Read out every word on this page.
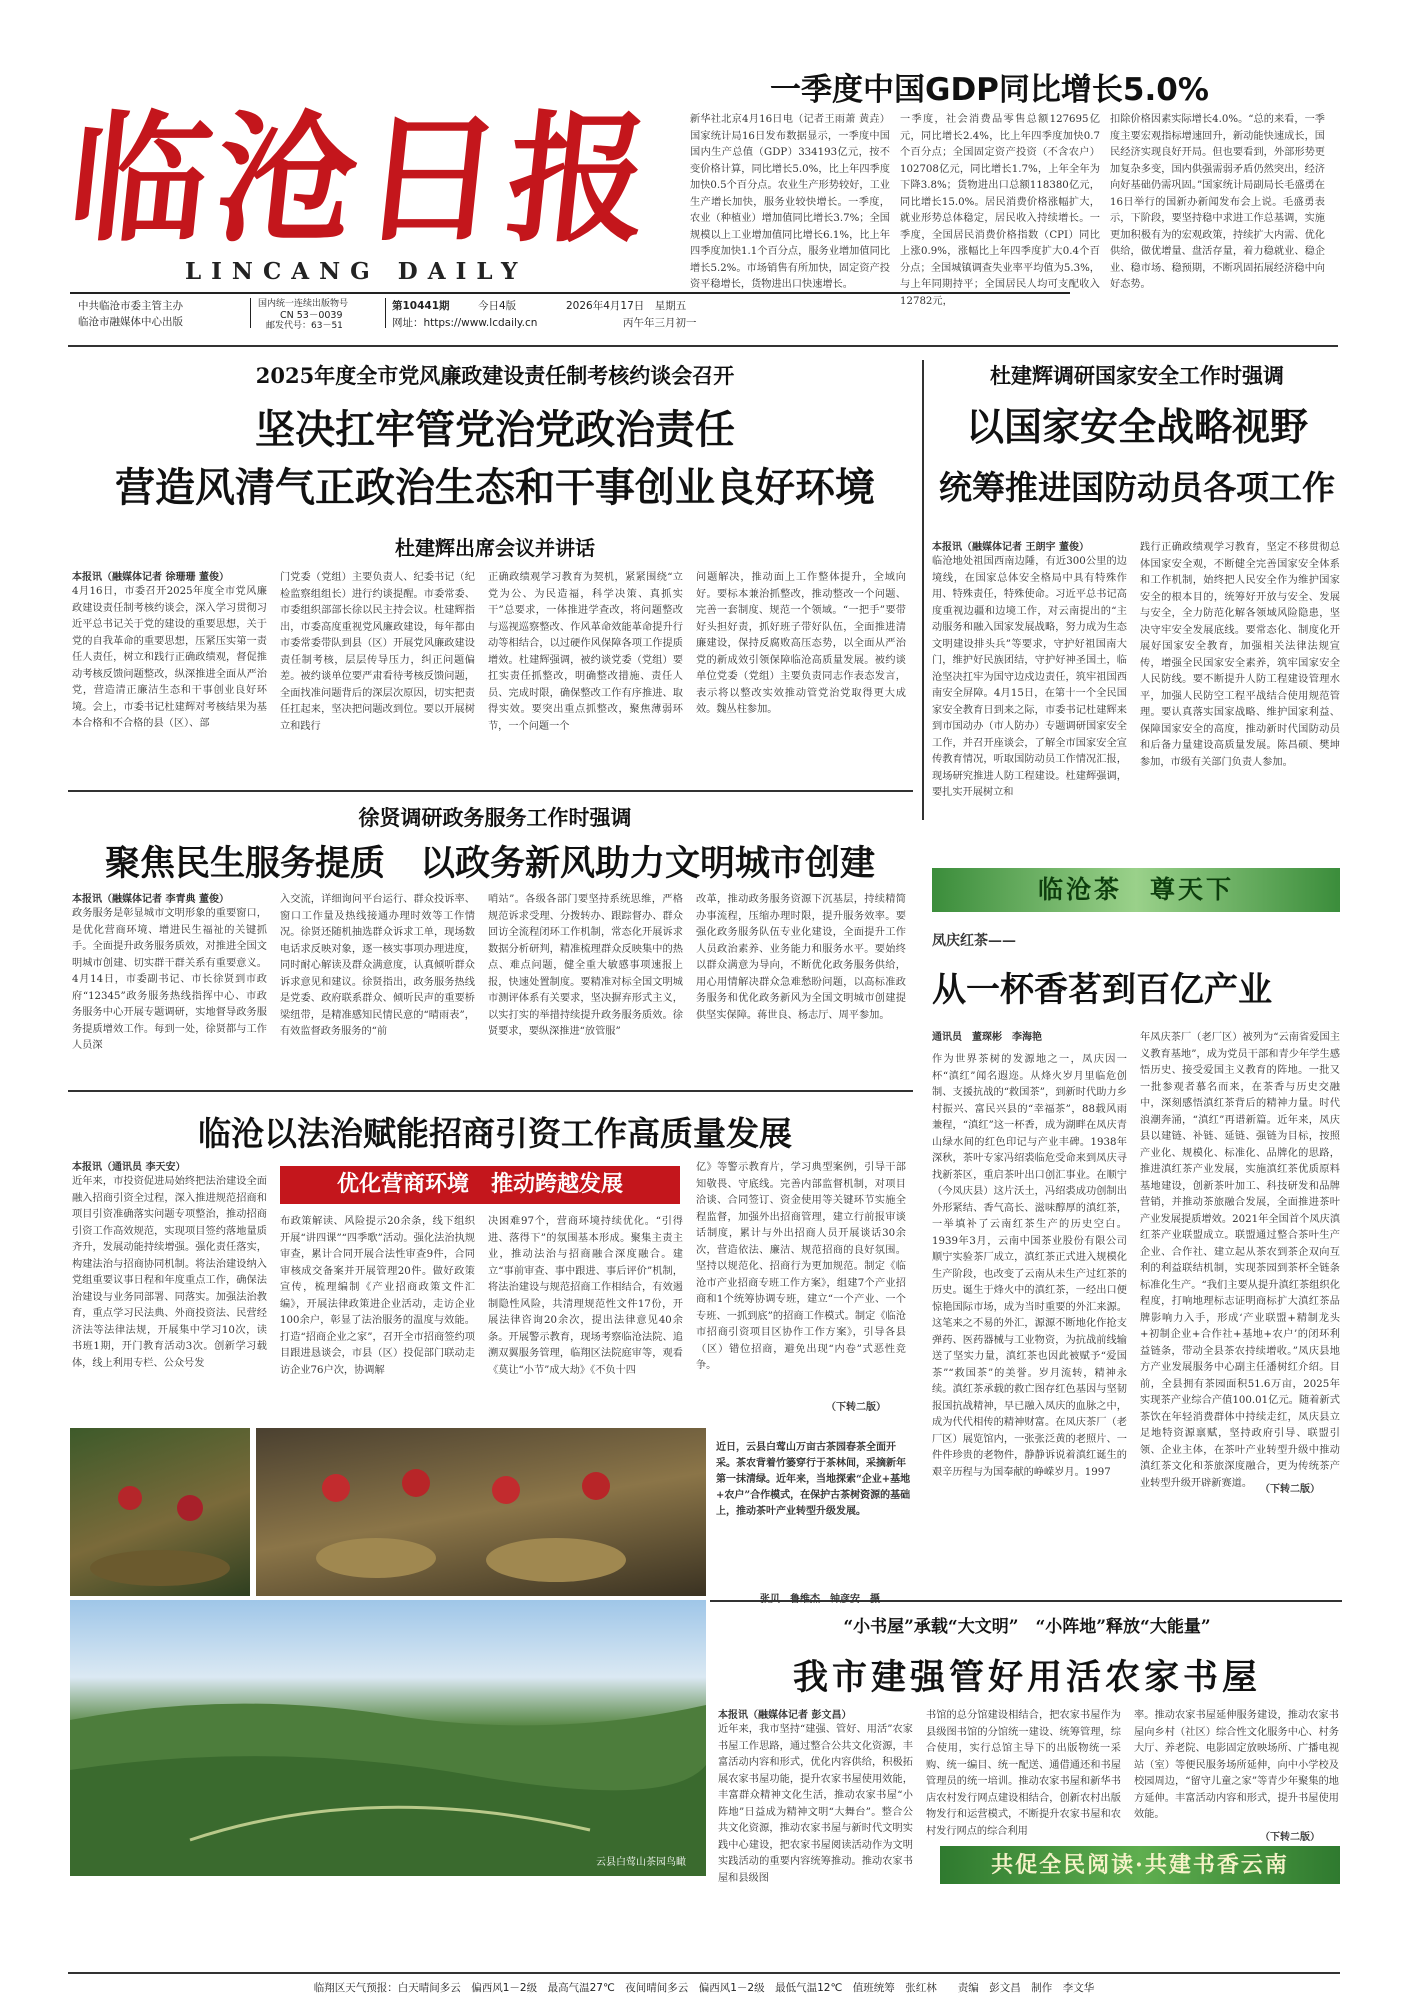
临沧日报
LINCANG DAILY
中共临沧市委主管主办
临沧市融媒体中心出版
国内统一连续出版物号
CN 53－0039
邮发代号：63－51
第10441期	今日4版	2026年4月17日　星期五
网址：https://www.lcdaily.cn	丙午年三月初一
一季度中国GDP同比增长5.0%
新华社北京4月16日电（记者王雨萧 黄垚）国家统计局16日发布数据显示，一季度中国国内生产总值（GDP）334193亿元，按不变价格计算，同比增长5.0%，比上年四季度加快0.5个百分点。农业生产形势较好，工业生产增长加快，服务业较快增长。一季度，农业（种植业）增加值同比增长3.7%；全国规模以上工业增加值同比增长6.1%，比上年四季度加快1.1个百分点，服务业增加值同比增长5.2%。市场销售有所加快，固定资产投资平稳增长，货物进出口快速增长。
一季度，社会消费品零售总额127695亿元，同比增长2.4%，比上年四季度加快0.7个百分点；全国固定资产投资（不含农户）102708亿元，同比增长1.7%，上年全年为下降3.8%；货物进出口总额118380亿元，同比增长15.0%。居民消费价格涨幅扩大，就业形势总体稳定，居民收入持续增长。一季度，全国居民消费价格指数（CPI）同比上涨0.9%，涨幅比上年四季度扩大0.4个百分点；全国城镇调查失业率平均值为5.3%，与上年同期持平；全国居民人均可支配收入12782元，
扣除价格因素实际增长4.0%。“总的来看，一季度主要宏观指标增速回升，新动能快速成长，国民经济实现良好开局。但也要看到，外部形势更加复杂多变，国内供强需弱矛盾仍然突出，经济向好基础仍需巩固。”国家统计局副局长毛盛勇在16日举行的国新办新闻发布会上说。毛盛勇表示，下阶段，要坚持稳中求进工作总基调，实施更加积极有为的宏观政策，持续扩大内需、优化供给，做优增量、盘活存量，着力稳就业、稳企业、稳市场、稳预期，不断巩固拓展经济稳中向好态势。
2025年度全市党风廉政建设责任制考核约谈会召开
坚决扛牢管党治党政治责任
营造风清气正政治生态和干事创业良好环境
杜建辉出席会议并讲话
本报讯（融媒体记者 徐珊珊 董俊）
4月16日，市委召开2025年度全市党风廉政建设责任制考核约谈会，深入学习贯彻习近平总书记关于党的建设的重要思想，关于党的自我革命的重要思想，压紧压实第一责任人责任，树立和践行正确政绩观，督促推动考核反馈问题整改，纵深推进全面从严治党，营造清正廉洁生态和干事创业良好环境。会上，市委书记杜建辉对考核结果为基本合格和不合格的县（区）、部
门党委（党组）主要负责人、纪委书记（纪检监察组组长）进行约谈提醒。市委常委、市委组织部部长徐以民主持会议。杜建辉指出，市委高度重视党风廉政建设，每年都由市委常委带队到县（区）开展党风廉政建设责任制考核，层层传导压力，纠正问题偏差。被约谈单位要严肃看待考核反馈问题，全面找准问题背后的深层次原因，切实把责任扛起来，坚决把问题改到位。要以开展树立和践行
正确政绩观学习教育为契机，紧紧围绕“立党为公、为民造福，科学决策、真抓实干”总要求，一体推进学查改，将问题整改与巡视巡察整改、作风革命效能革命提升行动等相结合，以过硬作风保障各项工作提质增效。杜建辉强调，被约谈党委（党组）要扛实责任抓整改，明确整改措施、责任人员、完成时限，确保整改工作有序推进、取得实效。要突出重点抓整改，聚焦薄弱环节，一个问题一个
问题解决，推动面上工作整体提升，全域向好。要标本兼治抓整改，推动整改一个问题、完善一套制度、规范一个领域。“一把手”要带好头担好责，抓好班子带好队伍，全面推进清廉建设，保持反腐败高压态势，以全面从严治党的新成效引领保障临沧高质量发展。被约谈单位党委（党组）主要负责同志作表态发言，表示将以整改实效推动管党治党取得更大成效。魏丛柱参加。
杜建辉调研国家安全工作时强调
以国家安全战略视野
统筹推进国防动员各项工作
本报讯（融媒体记者 王朗宇 董俊）
临沧地处祖国西南边陲，有近300公里的边境线，在国家总体安全格局中具有特殊作用、特殊责任，特殊使命。习近平总书记高度重视边疆和边境工作，对云南提出的“主动服务和融入国家发展战略，努力成为生态文明建设排头兵”等要求，守护好祖国南大门，维护好民族团结，守护好神圣国土，临沧坚决扛牢为国守边戍边责任，筑牢祖国西南安全屏障。4月15日，在第十一个全民国家安全教育日到来之际，市委书记杜建辉来到市国动办（市人防办）专题调研国家安全工作，并召开座谈会，了解全市国家安全宣传教育情况，听取国防动员工作情况汇报，现场研究推进人防工程建设。杜建辉强调，要扎实开展树立和
践行正确政绩观学习教育，坚定不移贯彻总体国家安全观，不断健全完善国家安全体系和工作机制，始终把人民安全作为维护国家安全的根本目的，统筹好开放与安全、发展与安全，全力防范化解各领域风险隐患，坚决守牢安全发展底线。要常态化、制度化开展好国家安全教育，加强相关法律法规宣传，增强全民国家安全素养，筑牢国家安全人民防线。要不断提升人防工程建设管理水平，加强人民防空工程平战结合使用规范管理。要认真落实国家战略、维护国家利益、保障国家安全的高度，推动新时代国防动员和后备力量建设高质量发展。陈昌硕、樊坤参加，市级有关部门负责人参加。
徐贤调研政务服务工作时强调
聚焦民生服务提质　以政务新风助力文明城市创建
本报讯（融媒体记者 李青典 董俊）
政务服务是彰显城市文明形象的重要窗口，是优化营商环境、增进民生福祉的关键抓手。全面提升政务服务质效，对推进全国文明城市创建、切实群干群关系有重要意义。4月14日，市委副书记、市长徐贤到市政府“12345”政务服务热线指挥中心、市政务服务中心开展专题调研，实地督导政务服务提质增效工作。每到一处，徐贤都与工作人员深
入交流，详细询问平台运行、群众投诉率、窗口工作量及热线接通办理时效等工作情况。徐贤还随机抽选群众诉求工单，现场数电话求反映对象，逐一核实事项办理进度，同时耐心解读及群众满意度，认真倾听群众诉求意见和建议。徐贤指出，政务服务热线是党委、政府联系群众、倾听民声的重要桥梁纽带，是精准感知民情民意的“晴雨表”，有效监督政务服务的“前
哨站”。各级各部门要坚持系统思维，严格规范诉求受理、分拨转办、跟踪督办、群众回访全流程闭环工作机制，常态化开展诉求数据分析研判，精准梳理群众反映集中的热点、难点问题，健全重大敏感事项速报上报，快速处置制度。要精准对标全国文明城市测评体系有关要求，坚决摒弃形式主义，以实打实的举措持续提升政务服务质效。徐贤要求，要纵深推进“放管服”
改革，推动政务服务资源下沉基层，持续精简办事流程，压缩办理时限，提升服务效率。要强化政务服务队伍专业化建设，全面提升工作人员政治素养、业务能力和服务水平。要始终以群众满意为导向，不断优化政务服务供给，用心用情解决群众急难愁盼问题，以高标准政务服务和优化政务新风为全国文明城市创建提供坚实保障。蒋世良、杨志厅、周平参加。
临沧茶　尊天下
凤庆红茶——
从一杯香茗到百亿产业
通讯员　董琛彬　李海艳
作为世界茶树的发源地之一，凤庆因一杯“滇红”闻名遐迩。从烽火岁月里临危创制、支援抗战的“救国茶”，到新时代助力乡村振兴、富民兴县的“幸福茶”，88载风雨兼程，“滇红”这一杯香，成为湖畔在凤庆青山绿水间的红色印记与产业丰碑。1938年深秋，茶叶专家冯绍裘临危受命来到凤庆寻找新茶区，重启茶叶出口创汇事业。在顺宁（今凤庆县）这片沃土，冯绍裘成功创制出外形紧结、香气高长、滋味醇厚的滇红茶，一举填补了云南红茶生产的历史空白。1939年3月，云南中国茶业股份有限公司顺宁实验茶厂成立，滇红茶正式进入规模化生产阶段，也改变了云南从未生产过红茶的历史。诞生于烽火中的滇红茶，一经出口便惊艳国际市场，成为当时重要的外汇来源。这笔来之不易的外汇，源源不断地化作抢支弹药、医药器械与工业物资，为抗战前线输送了坚实力量，滇红茶也因此被赋予“爱国茶”“救国茶”的美誉。岁月流转，精神永续。滇红茶承载的救亡图存红色基因与坚韧报国抗战精神，早已融入凤庆的血脉之中，成为代代相传的精神财富。在凤庆茶厂（老厂区）展览馆内，一张张泛黄的老照片、一件件珍贵的老物件，静静诉说着滇红诞生的艰辛历程与为国奉献的峥嵘岁月。1997
年凤庆茶厂（老厂区）被列为“云南省爱国主义教育基地”，成为党员干部和青少年学生感悟历史、接受爱国主义教育的阵地。一批又一批参观者慕名而来，在茶香与历史交融中，深刻感悟滇红茶背后的精神力量。时代浪潮奔涌，“滇红”再谱新篇。近年来，凤庆县以建链、补链、延链、强链为目标，按照产业化、规模化、标准化、品牌化的思路，推进滇红茶产业发展，实施滇红茶优质原料基地建设，创新茶叶加工、科技研发和品牌营销，并推动茶旅融合发展，全面推进茶叶产业发展提质增效。2021年全国首个凤庆滇红茶产业联盟成立。联盟通过整合茶叶生产企业、合作社、建立起从茶农到茶企双向互利的利益联结机制，实现茶园到茶杯全链条标准化生产。“我们主要从提升滇红茶组织化程度，打响地理标志证明商标扩大滇红茶品牌影响力入手，形成‘产业联盟+精制龙头+初制企业+合作社+基地+农户’的闭环利益链条，带动全县茶农持续增收。”凤庆县地方产业发展服务中心副主任潘树红介绍。目前，全县拥有茶园面积51.6万亩，2025年实现茶产业综合产值100.01亿元。随着新式茶饮在年轻消费群体中持续走红，凤庆县立足地特资源禀赋，坚持政府引导、联盟引领、企业主体，在茶叶产业转型升级中推动滇红茶文化和茶旅深度融合，更为传统茶产业转型升级开辟新赛道。
（下转二版）
临沧以法治赋能招商引资工作高质量发展
本报讯（通讯员 李天安）
近年来，市投资促进局始终把法治建设全面融入招商引资全过程，深入推进规范招商和项目引资准确落实问题专项整治，推动招商引资工作高效规范，实现项目签约落地量质齐升，发展动能持续增强。强化责任落实，构建法治与招商协同机制。将法治建设纳入党组重要议事日程和年度重点工作，确保法治建设与业务同部署、同落实。加强法治教育，重点学习民法典、外商投资法、民营经济法等法律法规，开展集中学习10次，读书班1期，开门教育活动3次。创新学习载体，线上利用专栏、公众号发
优化营商环境　推动跨越发展
布政策解读、风险提示20余条，线下组织开展“讲四课”“四季歌”活动。强化法治执规审查，累计合同开展合法性审查9件，合同审核成交备案并开展管理20件。做好政策宣传，梳理编制《产业招商政策文件汇编》，开展法律政策进企业活动，走访企业100余户，彰显了法治服务的温度与效能。打造“招商企业之家”，召开全市招商签约项目跟进恳谈会，市县（区）投促部门联动走访企业76户次，协调解
决困难97个，营商环境持续优化。“引得进、落得下”的氛围基本形成。聚集主责主业，推动法治与招商融合深度融合。建立“事前审查、事中跟进、事后评价”机制，将法治建设与规范招商工作相结合，有效遏制隐性风险，共清理规范性文件17份，开展法律咨询20余次，提出法律意见40余条。开展警示教育，现场考察临沧法院、追溯双翼服务管理，临翔区法院庭审等，观看《莫让“小节”成大劫》《不负十四
亿》等警示教育片，学习典型案例，引导干部知敬畏、守底线。完善内部监督机制，对项目洽谈、合同签订、资金使用等关键环节实施全程监督，加强外出招商管理，建立行前报审谈话制度，累计与外出招商人员开展谈话30余次，营造依法、廉洁、规范招商的良好氛围。坚持以规范化、招商行为更加规范。制定《临沧市产业招商专班工作方案》，组建7个产业招商和1个统筹协调专班，建立“一个产业、一个专班、一抓到底”的招商工作模式。制定《临沧市招商引资项目区协作工作方案》，引导各县（区）错位招商，避免出现“内卷”式恶性竞争。
（下转二版）
云县白莺山茶园鸟瞰
近日，云县白莺山万亩古茶园春茶全面开采。茶农背着竹篓穿行于茶林间，采摘新年第一抹清绿。近年来，当地探索“企业+基地+农户”合作模式，在保护古茶树资源的基础上，推动茶叶产业转型升级发展。
“小书屋”承载“大文明”　“小阵地”释放“大能量”
我市建强管好用活农家书屋
本报讯（融媒体记者 彭文昌）
近年来，我市坚持“建强、管好、用活”农家书屋工作思路，通过整合公共文化资源，丰富活动内容和形式，优化内容供给，积极拓展农家书屋功能，提升农家书屋使用效能，丰富群众精神文化生活，推动农家书屋“小阵地”日益成为精神文明“大舞台”。整合公共文化资源，推动农家书屋与新时代文明实践中心建设，把农家书屋阅读活动作为文明实践活动的重要内容统筹推动。推动农家书屋和县级图
书馆的总分馆建设相结合，把农家书屋作为县级图书馆的分馆统一建设、统筹管理，综合使用，实行总馆主导下的出版物统一采购、统一编目、统一配送、通借通还和书屋管理员的统一培训。推动农家书屋和新华书店农村发行网点建设相结合，创新农村出版物发行和运营模式，不断提升农家书屋和农村发行网点的综合利用
率。推动农家书屋延伸服务建设，推动农家书屋向乡村（社区）综合性文化服务中心、村务大厅、养老院、电影固定放映场所、广播电视站（室）等便民服务场所延伸，向中小学校及校园周边，“留守儿童之家”等青少年聚集的地方延伸。丰富活动内容和形式，提升书屋使用效能。
（下转二版）
共促全民阅读·共建书香云南
临翔区天气预报：白天晴间多云　偏西风1－2级　最高气温27℃　夜间晴间多云　偏西风1－2级　最低气温12℃　值班统筹　张红林　　责编　彭文昌　制作　李文华
